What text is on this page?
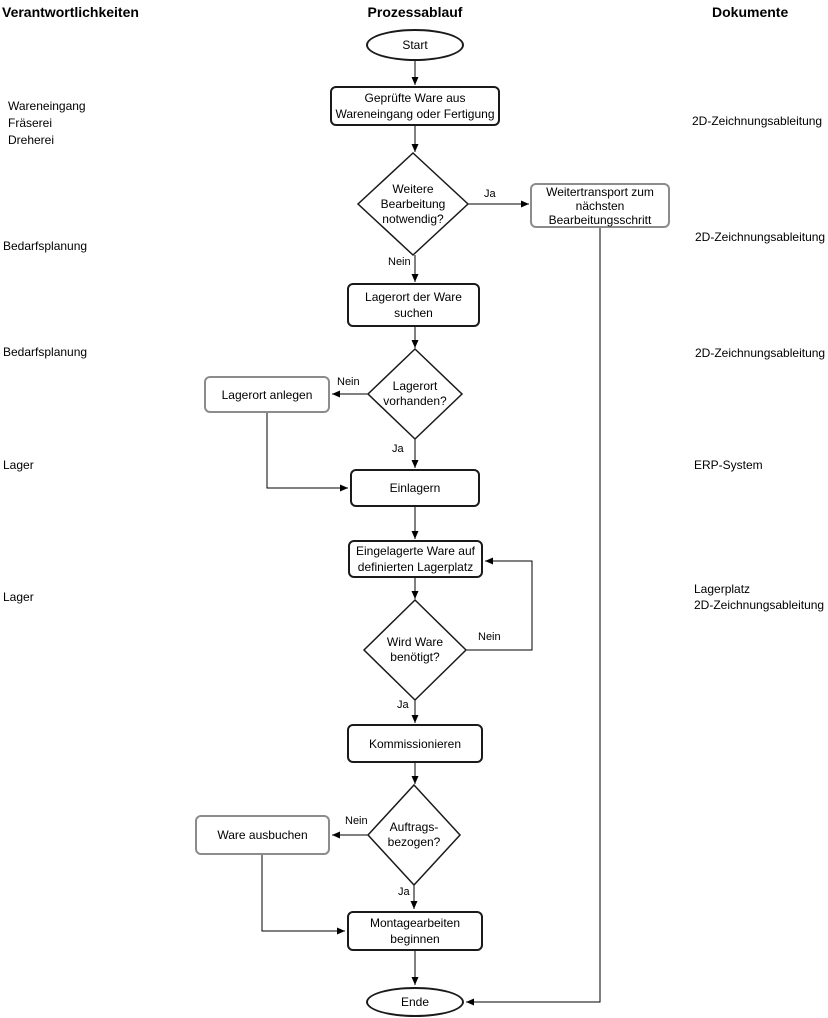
Verantwortlichkeiten	Prozessablauf	Dokumente
Wareneingang
Fräserei
Dreherei
Bedarfsplanung
Bedarfsplanung
Lager
Lager
2D-Zeichnungsableitung
2D-Zeichnungsableitung
2D-Zeichnungsableitung
ERP-System
Lagerplatz
2D-Zeichnungsableitung
Start
Ende
Geprüfte Ware aus
Wareneingang oder Fertigung
Weitertransport zum
nächsten
Bearbeitungsschritt
Lagerort der Ware
suchen
Lagerort anlegen
Einlagern
Eingelagerte Ware auf
definierten Lagerplatz
Kommissionieren
Ware ausbuchen
Montagearbeiten
beginnen
Weitere
Bearbeitung
notwendig?
Lagerort
vorhanden?
Wird Ware
benötigt?
Auftrags-
bezogen?
Ja
Nein
Nein
Ja
Nein
Ja
Nein
Ja
